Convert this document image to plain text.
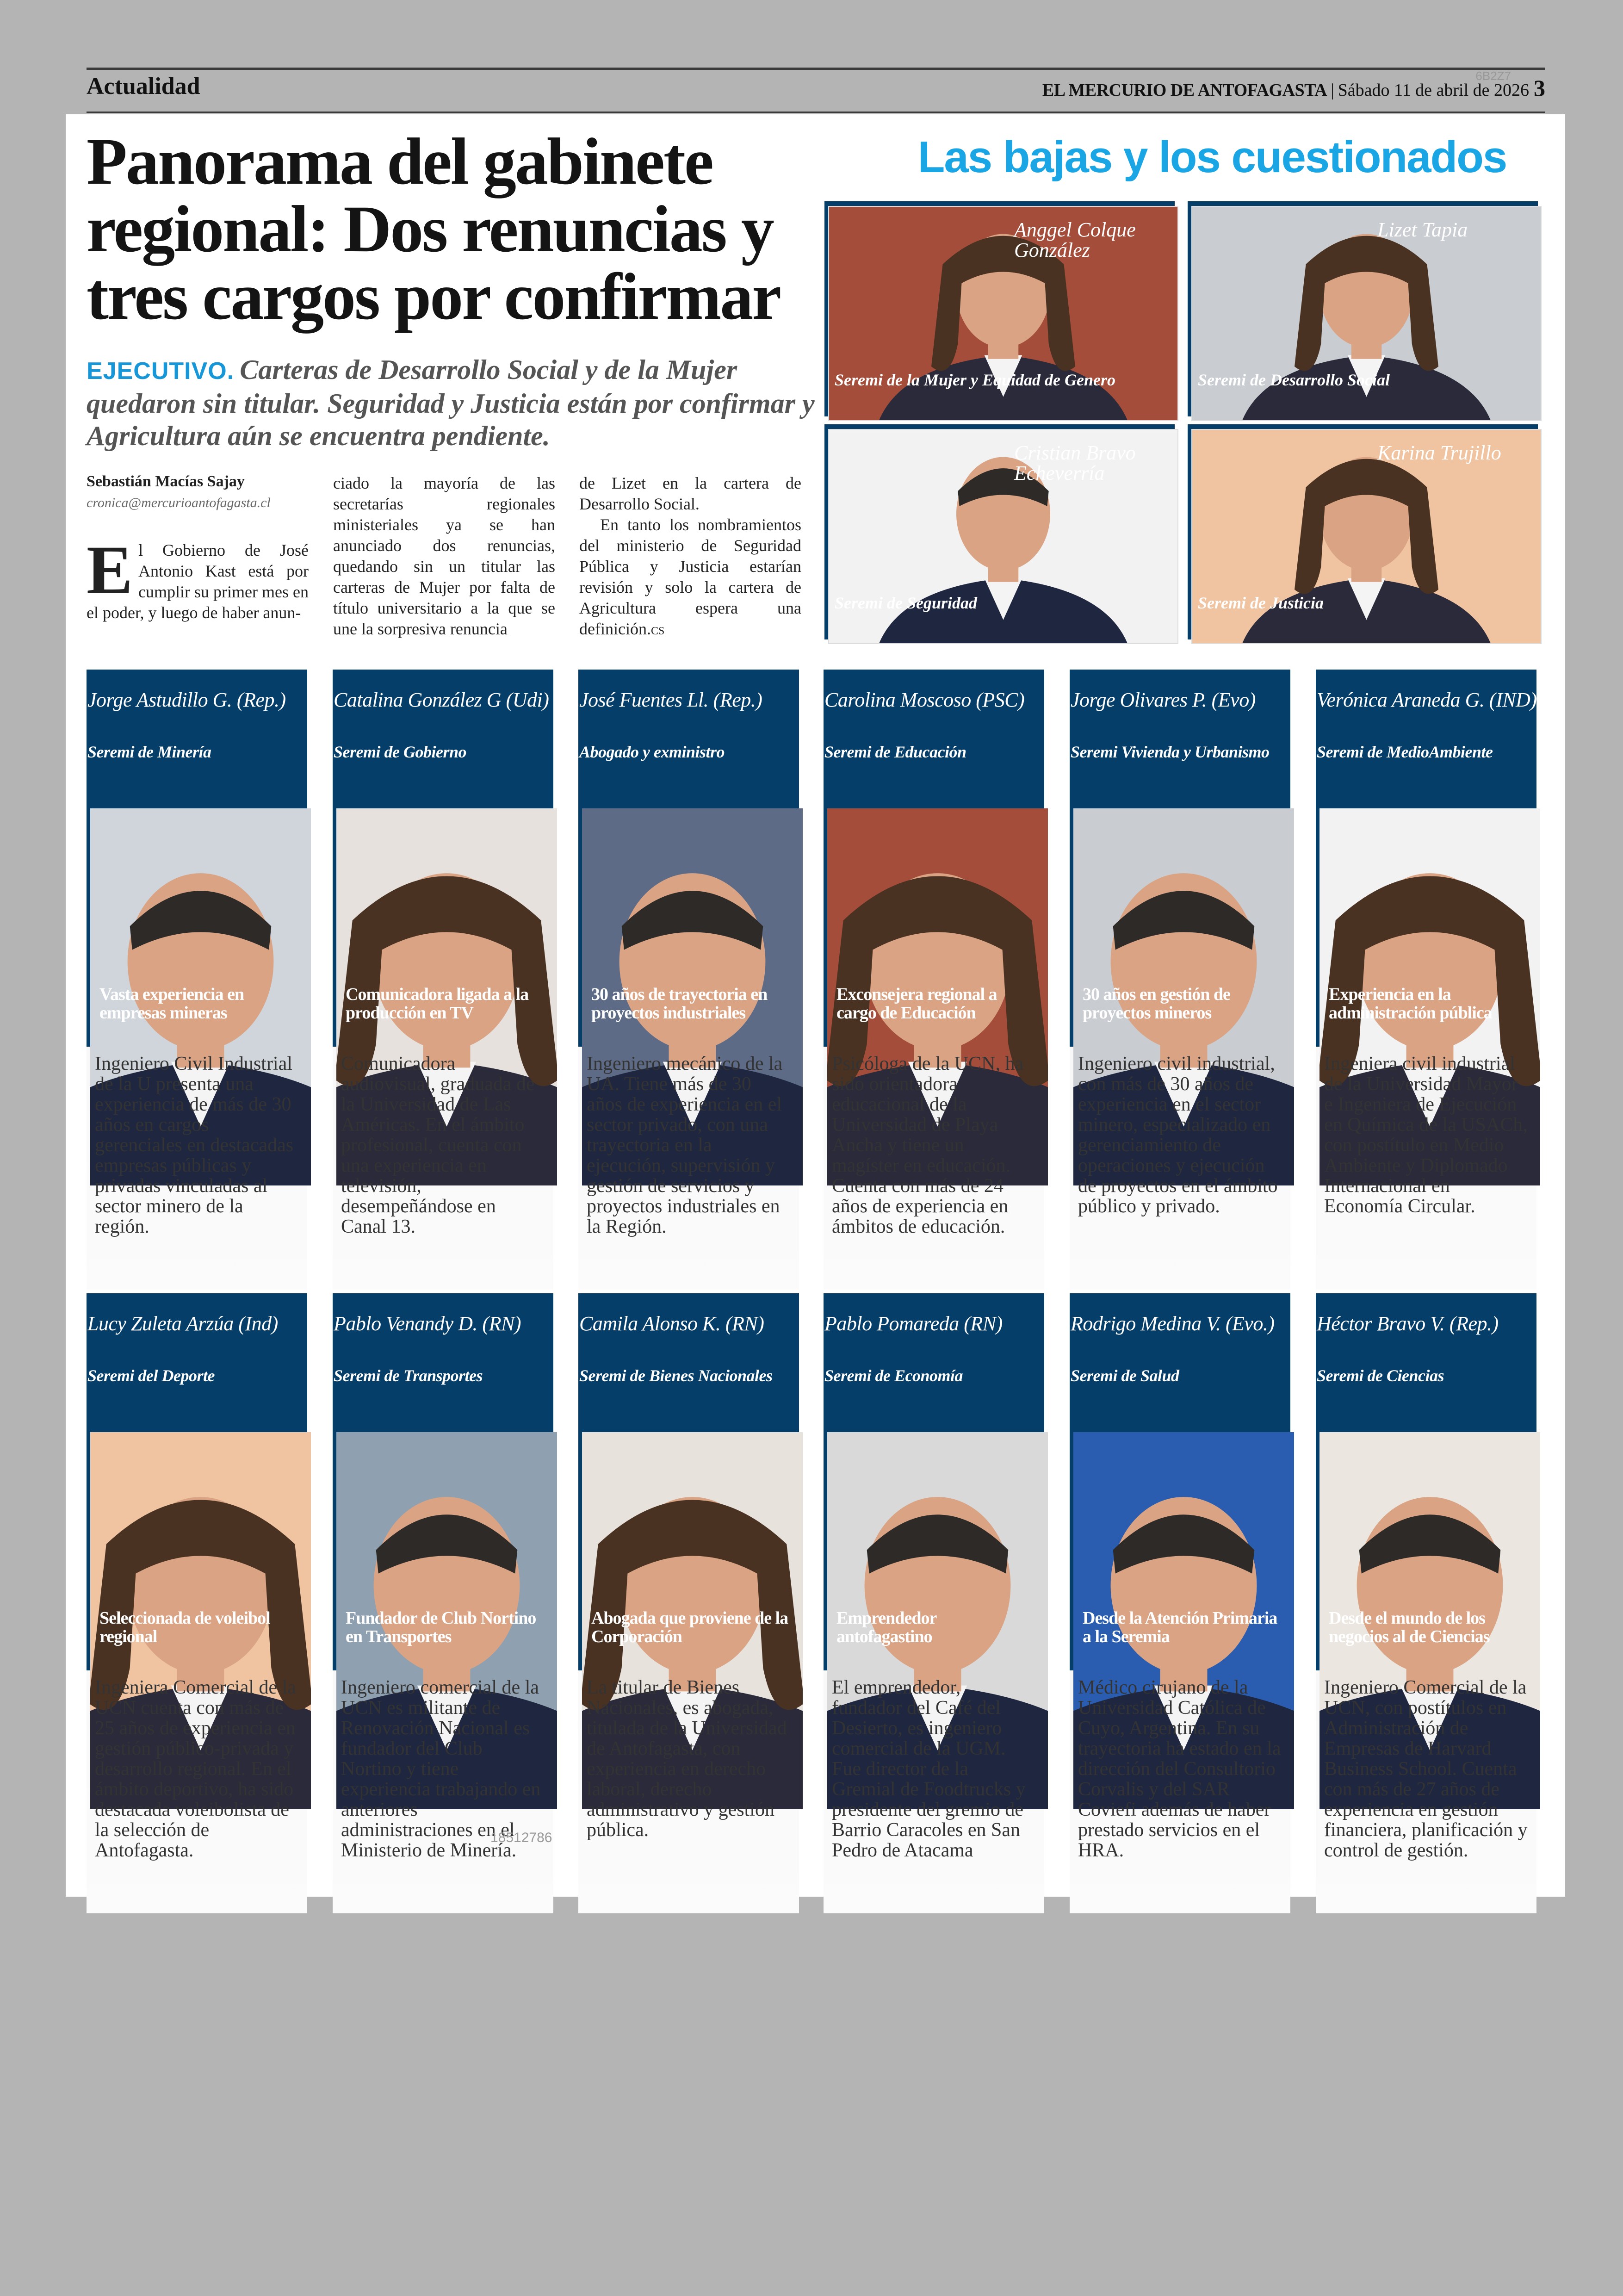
Actualidad	6B2Z7
EL MERCURIO DE ANTOFAGASTA | Sábado 11 de abril de 2026 3
Panorama del gabinete regional: Dos renuncias y tres cargos por confirmar
EJECUTIVO. Carteras de Desarrollo Social y de la Mujer quedaron sin titular. Seguridad y Justicia están por confirmar y Agricultura aún se encuentra pendiente.
Sebastián Macías Sajay
cronica@mercurioantofagasta.cl
El Gobierno de José Antonio Kast está por cumplir su primer mes en el poder, y luego de haber anun-
ciado la mayoría de las secretarías regionales ministeriales ya se han anunciado dos renuncias, quedando sin un titular las carteras de Mujer por falta de título universitario a la que se une la sorpresiva renuncia

de Lizet en la cartera de Desarrollo Social.

En tanto los nombramientos del ministerio de Seguridad Pública y Justicia estarían revisión y solo la cartera de Agricultura espera una definición.CS

Las bajas y los cuestionados
Anggel Colque González
Seremi de la Mujer y Equidad de Genero
Lizet Tapia
Seremi de Desarrollo Social
Cristian Bravo Echeverría
Seremi de Seguridad
Karina Trujillo
Seremi de Justicia
Jorge Astudillo G. (Rep.)
Seremi de Minería
Vasta experiencia en empresas mineras
Ingeniero Civil Industrial de la U presenta una experiencia de más de 30 años en cargos gerenciales en destacadas empresas públicas y privadas vinculadas al sector minero de la región.
Catalina González G (Udi)
Seremi de Gobierno
Comunicadora ligada a la producción en TV
Comunicadora audiovisual, graduada de la Universidad de Las Américas. En el ámbito profesional, cuenta con una experiencia en televisión, desempeñándose en Canal 13.
José Fuentes Ll. (Rep.)
Abogado y exministro
30 años de trayectoria en proyectos industriales
Ingeniero mecánico de la UA. Tiene más de 30 años de experiencia en el sector privado, con una trayectoria en la ejecución, supervisión y gestión de servicios y proyectos industriales en la Región.
Carolina Moscoso (PSC)
Seremi de Educación
Exconsejera regional a cargo de Educación
Psicóloga de la UCN, ha sido orientadora educacional de la Universidad de Playa Ancha y tiene un magíster en educación. Cuenta con más de 24 años de experiencia en ámbitos de educación.
Jorge Olivares P. (Evo)
Seremi Vivienda y Urbanismo
30 años en gestión de proyectos mineros
Ingeniero civil industrial, con más de 30 años de experiencia en el sector minero, especializado en gerenciamiento de operaciones y ejecución de proyectos en el ámbito público y privado.
Verónica Araneda G. (IND)
Seremi de MedioAmbiente
Experiencia en la administración pública
Ingeniera civil industrial de la Universidad Mayor e Ingeniera de Ejecución en Química de la USACh, con postítulo en Medio Ambiente y Diplomado Internacional en Economía Circular.
Lucy Zuleta Arzúa (Ind)
Seremi del Deporte
Seleccionada de voleibol regional
Ingeniera Comercial de la UCN cuenta con más de 25 años de experiencia en gestión público-privada y desarrollo regional. En el ámbito deportivo, ha sido destacada voleibolista de la selección de Antofagasta.
Pablo Venandy D. (RN)
Seremi de Transportes
Fundador de Club Nortino en Transportes
Ingeniero comercial de la UCN es militante de Renovación Nacional es fundador del Club Nortino y tiene experiencia trabajando en anteriores administraciones en el Ministerio de Minería.
Camila Alonso K. (RN)
Seremi de Bienes Nacionales
Abogada que proviene de la Corporación
La titular de Bienes Nacionales, es abogada, titulada de la Universidad de Antofagasta, con experiencia en derecho laboral, derecho administrativo y gestión pública.
Pablo Pomareda (RN)
Seremi de Economía
Emprendedor antofagastino
El emprendedor, fundador del Café del Desierto, es ingeniero comercial de la UGM. Fue director de la Gremial de Foodtrucks y presidente del gremio de Barrio Caracoles en San Pedro de Atacama
Rodrigo Medina V. (Evo.)
Seremi de Salud
Desde la Atención Primaria a la Seremia
Médico cirujano de la Universidad Católica de Cuyo, Argentina. En su trayectoria ha estado en la dirección del Consultorio Corvalis y del SAR Coviefi además de haber prestado servicios en el HRA.
Héctor Bravo V. (Rep.)
Seremi de Ciencias
Desde el mundo de los negocios al de Ciencias
Ingeniero Comercial de la UCN, con postítulos en Administración de Empresas de Harvard Business School. Cuenta con más de 27 años de experiencia en gestión financiera, planificación y control de gestión.
18512786
